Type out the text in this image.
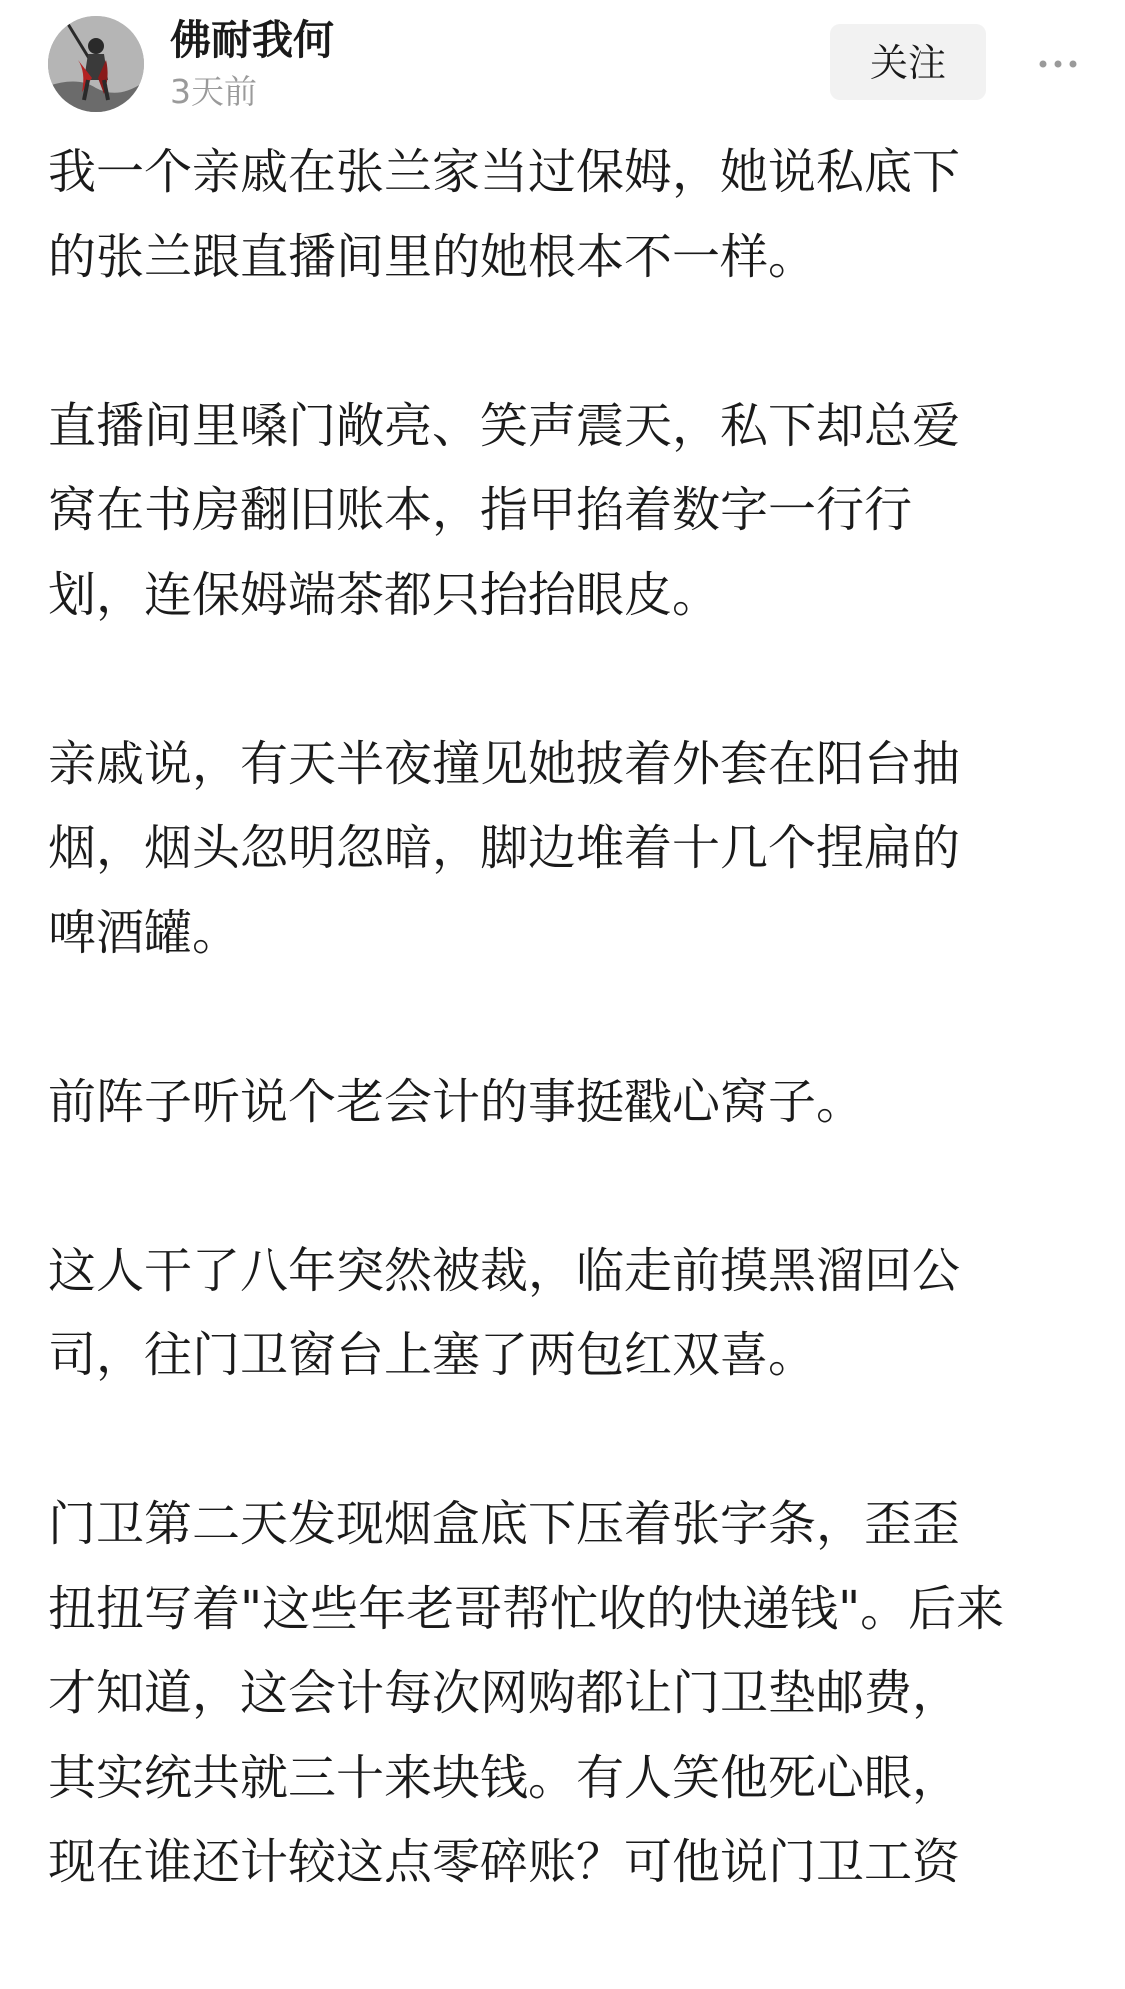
佛耐我何
3天前
关注

我一个亲戚在张兰家当过保姆，她说私底下
的张兰跟直播间里的她根本不一样。

直播间里嗓门敞亮、笑声震天，私下却总爱
窝在书房翻旧账本，指甲掐着数字一行行
划，连保姆端茶都只抬抬眼皮。

亲戚说，有天半夜撞见她披着外套在阳台抽
烟，烟头忽明忽暗，脚边堆着十几个捏扁的
啤酒罐。

前阵子听说个老会计的事挺戳心窝子。

这人干了八年突然被裁，临走前摸黑溜回公
司，往门卫窗台上塞了两包红双喜。

门卫第二天发现烟盒底下压着张字条，歪歪
扭扭写着"这些年老哥帮忙收的快递钱"。后来
才知道，这会计每次网购都让门卫垫邮费，
其实统共就三十来块钱。有人笑他死心眼，
现在谁还计较这点零碎账？可他说门卫工资
